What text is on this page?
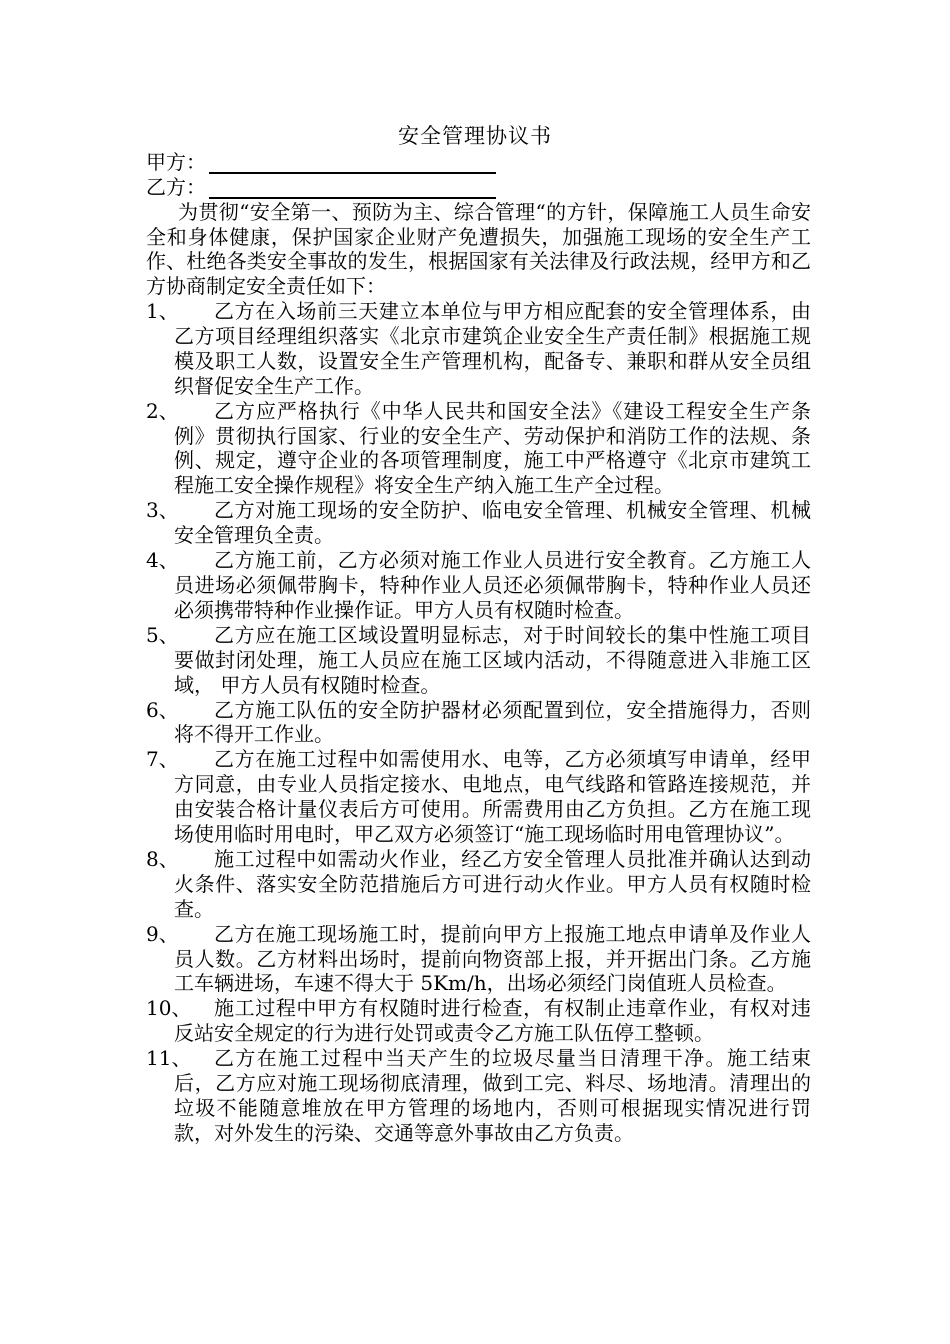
安全管理协议书
甲方：
乙方：

为贯彻“安全第一、预防为主、综合管理“的方针，保障施工人员生命安全和身体健康，保护国家企业财产免遭损失，加强施工现场的安全生产工作、杜绝各类安全事故的发生，根据国家有关法律及行政法规，经甲方和乙方协商制定安全责任如下：

1、	乙方在入场前三天建立本单位与甲方相应配套的安全管理体系，由乙方项目经理组织落实《北京市建筑企业安全生产责任制》根据施工规模及职工人数，设置安全生产管理机构，配备专、兼职和群从安全员组织督促安全生产工作。
2、	乙方应严格执行《中华人民共和国安全法》《建设工程安全生产条例》贯彻执行国家、行业的安全生产、劳动保护和消防工作的法规、条例、规定，遵守企业的各项管理制度，施工中严格遵守《北京市建筑工程施工安全操作规程》将安全生产纳入施工生产全过程。
3、	乙方对施工现场的安全防护、临电安全管理、机械安全管理、机械安全管理负全责。
4、	乙方施工前，乙方必须对施工作业人员进行安全教育。乙方施工人员进场必须佩带胸卡，特种作业人员还必须佩带胸卡，特种作业人员还必须携带特种作业操作证。甲方人员有权随时检查。
5、	乙方应在施工区域设置明显标志，对于时间较长的集中性施工项目要做封闭处理，施工人员应在施工区域内活动，不得随意进入非施工区域， 甲方人员有权随时检查。
6、	乙方施工队伍的安全防护器材必须配置到位，安全措施得力，否则将不得开工作业。
7、	乙方在施工过程中如需使用水、电等，乙方必须填写申请单，经甲方同意，由专业人员指定接水、电地点，电气线路和管路连接规范，并由安装合格计量仪表后方可使用。所需费用由乙方负担。乙方在施工现场使用临时用电时，甲乙双方必须签订“施工现场临时用电管理协议”。
8、	施工过程中如需动火作业，经乙方安全管理人员批准并确认达到动火条件、落实安全防范措施后方可进行动火作业。甲方人员有权随时检查。
9、	乙方在施工现场施工时，提前向甲方上报施工地点申请单及作业人员人数。乙方材料出场时，提前向物资部上报，并开据出门条。乙方施工车辆进场，车速不得大于 5Km/h，出场必须经门岗值班人员检查。
10、	施工过程中甲方有权随时进行检查，有权制止违章作业，有权对违反站安全规定的行为进行处罚或责令乙方施工队伍停工整顿。
11、	乙方在施工过程中当天产生的垃圾尽量当日清理干净。施工结束后，乙方应对施工现场彻底清理，做到工完、料尽、场地清。清理出的垃圾不能随意堆放在甲方管理的场地内，否则可根据现实情况进行罚款，对外发生的污染、交通等意外事故由乙方负责。
